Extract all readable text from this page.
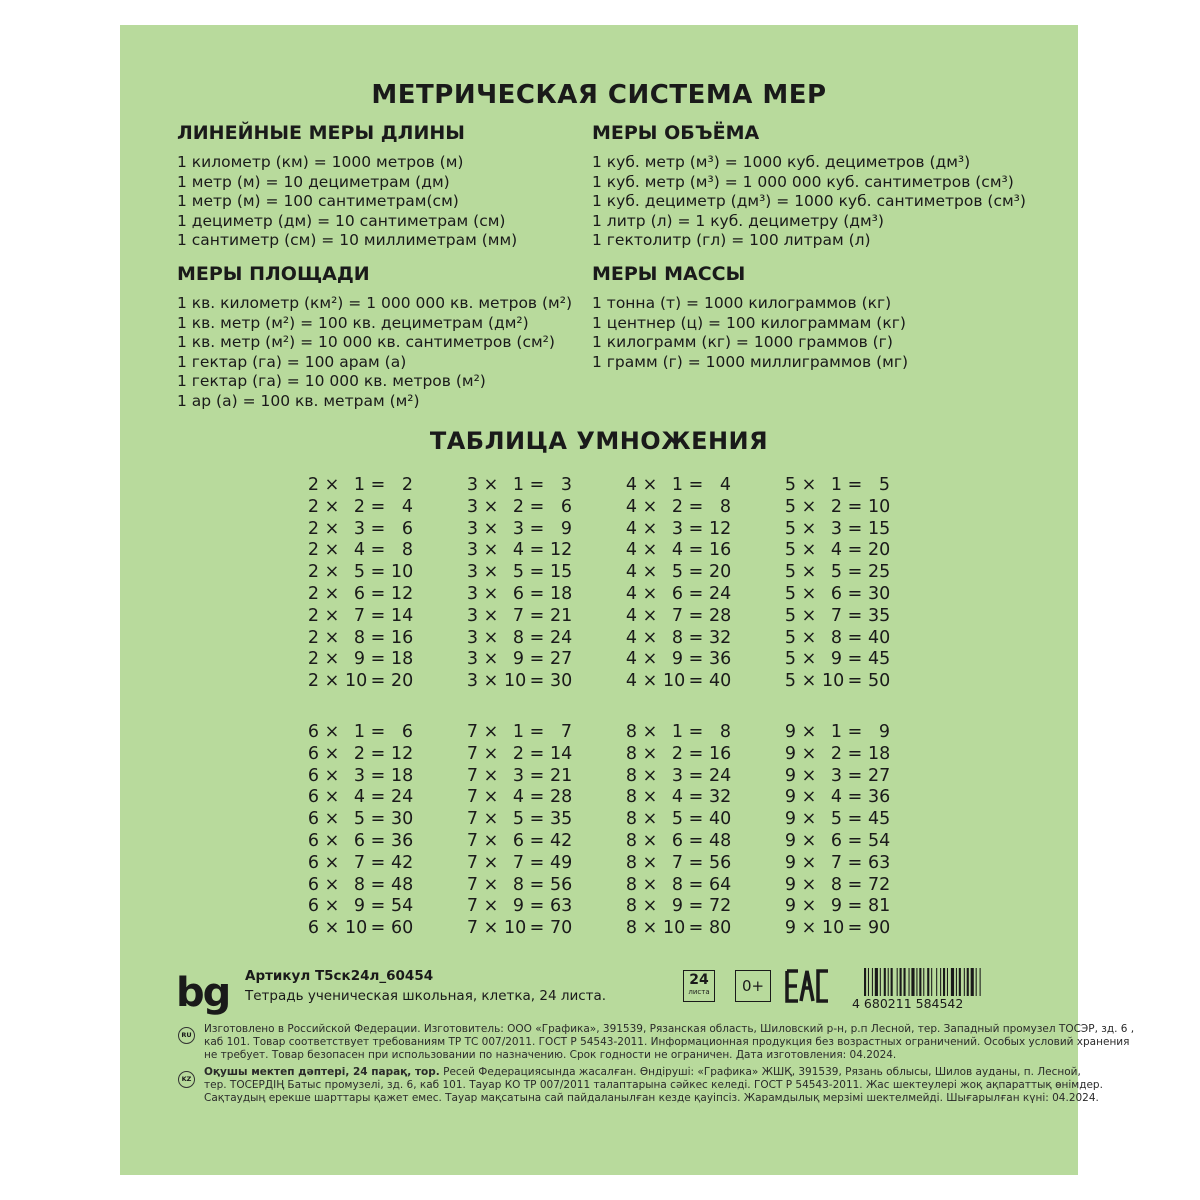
МЕТРИЧЕСКАЯ СИСТЕМА МЕР
ЛИНЕЙНЫЕ МЕРЫ ДЛИНЫ
1 километр (км) = 1000 метров (м)
1 метр (м) = 10 дециметрам (дм)
1 метр (м) = 100 сантиметрам(см)
1 дециметр (дм) = 10 сантиметрам (см)
1 сантиметр (см) = 10 миллиметрам (мм)
МЕРЫ ОБЪЁМА
1 куб. метр (м³) = 1000 куб. дециметров (дм³)
1 куб. метр (м³) = 1 000 000 куб. сантиметров (см³)
1 куб. дециметр (дм³) = 1000 куб. сантиметров (см³)
1 литр (л) = 1 куб. дециметру (дм³)
1 гектолитр (гл) = 100 литрам (л)
МЕРЫ ПЛОЩАДИ
1 кв. километр (км²) = 1 000 000 кв. метров (м²)
1 кв. метр (м²) = 100 кв. дециметрам (дм²)
1 кв. метр (м²) = 10 000 кв. сантиметров (см²)
1 гектар (га) = 100 арам (а)
1 гектар (га) = 10 000 кв. метров (м²)
1 ар (а) = 100 кв. метрам (м²)
МЕРЫ МАССЫ
1 тонна (т) = 1000 килограммов (кг)
1 центнер (ц) = 100 килограммам (кг)
1 килограмм (кг) = 1000 граммов (г)
1 грамм (г) = 1000 миллиграммов (мг)
ТАБЛИЦА УМНОЖЕНИЯ
2 × 1 = 2
2 × 2 = 4
2 × 3 = 6
2 × 4 = 8
2 × 5 = 10
2 × 6 = 12
2 × 7 = 14
2 × 8 = 16
2 × 9 = 18
2 × 10 = 20
3 × 1 = 3
3 × 2 = 6
3 × 3 = 9
3 × 4 = 12
3 × 5 = 15
3 × 6 = 18
3 × 7 = 21
3 × 8 = 24
3 × 9 = 27
3 × 10 = 30
4 × 1 = 4
4 × 2 = 8
4 × 3 = 12
4 × 4 = 16
4 × 5 = 20
4 × 6 = 24
4 × 7 = 28
4 × 8 = 32
4 × 9 = 36
4 × 10 = 40
5 × 1 = 5
5 × 2 = 10
5 × 3 = 15
5 × 4 = 20
5 × 5 = 25
5 × 6 = 30
5 × 7 = 35
5 × 8 = 40
5 × 9 = 45
5 × 10 = 50
6 × 1 = 6
6 × 2 = 12
6 × 3 = 18
6 × 4 = 24
6 × 5 = 30
6 × 6 = 36
6 × 7 = 42
6 × 8 = 48
6 × 9 = 54
6 × 10 = 60
7 × 1 = 7
7 × 2 = 14
7 × 3 = 21
7 × 4 = 28
7 × 5 = 35
7 × 6 = 42
7 × 7 = 49
7 × 8 = 56
7 × 9 = 63
7 × 10 = 70
8 × 1 = 8
8 × 2 = 16
8 × 3 = 24
8 × 4 = 32
8 × 5 = 40
8 × 6 = 48
8 × 7 = 56
8 × 8 = 64
8 × 9 = 72
8 × 10 = 80
9 × 1 = 9
9 × 2 = 18
9 × 3 = 27
9 × 4 = 36
9 × 5 = 45
9 × 6 = 54
9 × 7 = 63
9 × 8 = 72
9 × 9 = 81
9 × 10 = 90
bg Артикул Т5ск24л_60454
Тетрадь ученическая школьная, клетка, 24 листа.
24
листа	0+
4 680211 584542
RU	Изготовлено в Российской Федерации. Изготовитель: ООО «Графика», 391539, Рязанская область, Шиловский р-н, р.п Лесной, тер. Западный промузел ТОСЭР, зд. 6 ,
каб 101. Товар соответствует требованиям ТР ТС 007/2011. ГОСТ Р 54543-2011. Информационная продукция без возрастных ограничений. Особых условий хранения
не требует. Товар безопасен при использовании по назначению. Срок годности не ограничен. Дата изготовления: 04.2024.
KZ
Оқушы мектеп дәптері, 24 парақ, тор. Ресей Федерациясында жасалған. Өндіруші: «Графика» ЖШҚ, 391539, Рязань облысы, Шилов ауданы, п. Лесной,
тер. ТОСЕРДІҢ Батыс промузелі, зд. 6, каб 101. Тауар КО ТР 007/2011 талаптарына сәйкес келеді. ГОСТ Р 54543-2011. Жас шектеулері жоқ ақпараттық өнімдер.
Сақтаудың ерекше шарттары қажет емес. Тауар мақсатына сай пайдаланылған кезде қауіпсіз. Жарамдылық мерзімі шектелмейді. Шығарылған күні: 04.2024.
